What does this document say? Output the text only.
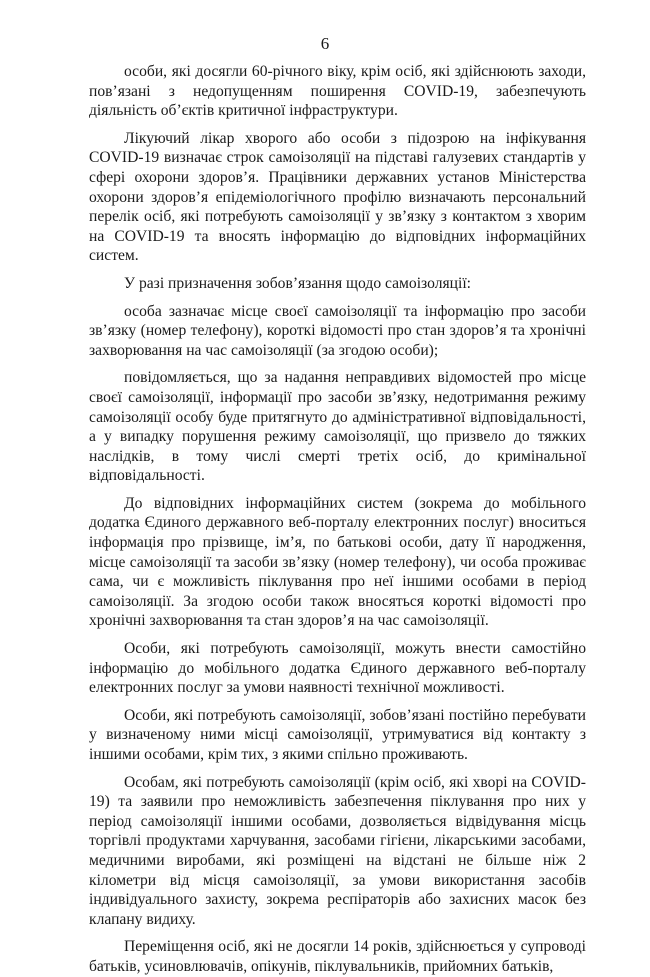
6

особи, які досягли 60-річного віку, крім осіб, які здійснюють заходи, пов’язані з недопущенням поширення COVID-19, забезпечують діяльність об’єктів критичної інфраструктури.

Лікуючий лікар хворого або особи з підозрою на інфікування COVID-19 визначає строк самоізоляції на підставі галузевих стандартів у сфері охорони здоров’я. Працівники державних установ Міністерства охорони здоров’я епідеміологічного профілю визначають персональний перелік осіб, які потребують самоізоляції у зв’язку з контактом з хворим на COVID-19 та вносять інформацію до відповідних інформаційних систем.

У разі призначення зобов’язання щодо самоізоляції:

особа зазначає місце своєї самоізоляції та інформацію про засоби зв’язку (номер телефону), короткі відомості про стан здоров’я та хронічні захворювання на час самоізоляції (за згодою особи);

повідомляється, що за надання неправдивих відомостей про місце своєї самоізоляції, інформації про засоби зв’язку, недотримання режиму самоізоляції особу буде притягнуто до адміністративної відповідальності, а у випадку порушення режиму самоізоляції, що призвело до тяжких наслідків, в тому числі смерті третіх осіб, до кримінальної відповідальності.

До відповідних інформаційних систем (зокрема до мобільного додатка Єдиного державного веб-порталу електронних послуг) вноситься інформація про прізвище, ім’я, по батькові особи, дату її народження, місце самоізоляції та засоби зв’язку (номер телефону), чи особа проживає сама, чи є можливість піклування про неї іншими особами в період самоізоляції. За згодою особи також вносяться короткі відомості про хронічні захворювання та стан здоров’я на час самоізоляції.

Особи, які потребують самоізоляції, можуть внести самостійно інформацію до мобільного додатка Єдиного державного веб-порталу електронних послуг за умови наявності технічної можливості.

Особи, які потребують самоізоляції, зобов’язані постійно перебувати у визначеному ними місці самоізоляції, утримуватися від контакту з іншими особами, крім тих, з якими спільно проживають.

Особам, які потребують самоізоляції (крім осіб, які хворі на COVID-19) та заявили про неможливість забезпечення піклування про них у період самоізоляції іншими особами, дозволяється відвідування місць торгівлі продуктами харчування, засобами гігієни, лікарськими засобами, медичними виробами, які розміщені на відстані не більше ніж 2 кілометри від місця самоізоляції, за умови використання засобів індивідуального захисту, зокрема респіраторів або захисних масок без клапану видиху.

Переміщення осіб, які не досягли 14 років, здійснюється у супроводі батьків, усиновлювачів, опікунів, піклувальників, прийомних батьків,
